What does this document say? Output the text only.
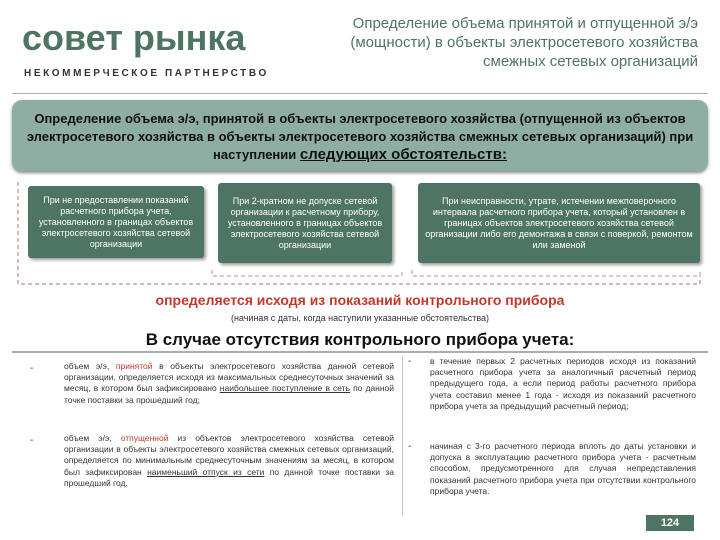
совет рынка
НЕКОММЕРЧЕСКОЕ ПАРТНЕРСТВО
Определение объема принятой и отпущенной э/э (мощности) в объекты электросетевого хозяйства смежных сетевых организаций
Определение объема э/э, принятой в объекты электросетевого хозяйства (отпущенной из объектов электросетевого хозяйства в объекты электросетевого хозяйства смежных сетевых организаций) при наступлении следующих обстоятельств:
При не предоставлении показаний расчетного прибора учета, установленного в границах объектов электросетевого хозяйства сетевой организации
При 2-кратном не допуске сетевой организации к расчетному прибору, установленного в границах объектов электросетевого хозяйства сетевой организации
При неисправности, утрате, истечении межповерочного интервала расчетного прибора учета, который установлен в границах объектов электросетевого хозяйства сетевой организации либо его демонтажа в связи с поверкой, ремонтом или заменой
определяется исходя из показаний контрольного прибора
(начиная с даты, когда наступили указанные обстоятельства)
В случае отсутствия контрольного прибора учета:
-	объем э/э, принятой в объекты электросетевого хозяйства данной сетевой организации, определяется исходя из максимальных среднесуточных значений за месяц, в котором был зафиксировано наибольшее поступление в сеть по данной точке поставки за прошедший год;
-	объем э/э, отпущенной из объектов электросетевого хозяйства сетевой организации в объекты электросетевого хозяйства смежных сетевых организаций, определяется по минимальным среднесуточным значениям за месяц, в котором был зафиксирован наименьший отпуск из сети по данной точке поставки за прошедший год.
- в течение первых 2 расчетных периодов исходя из показаний расчетного прибора учета за аналогичный расчетный период предыдущего года, а если период работы расчетного прибора учета составил менее 1 года - исходя из показаний расчетного прибора учета за предыдущий расчетный период;
- начиная с 3-го расчетного периода вплоть до даты установки и допуска в эксплуатацию расчетного прибора учета - расчетным способом, предусмотренного для случая непредставления показаний расчетного прибора учета при отсутствии контрольного прибора учета.
124
